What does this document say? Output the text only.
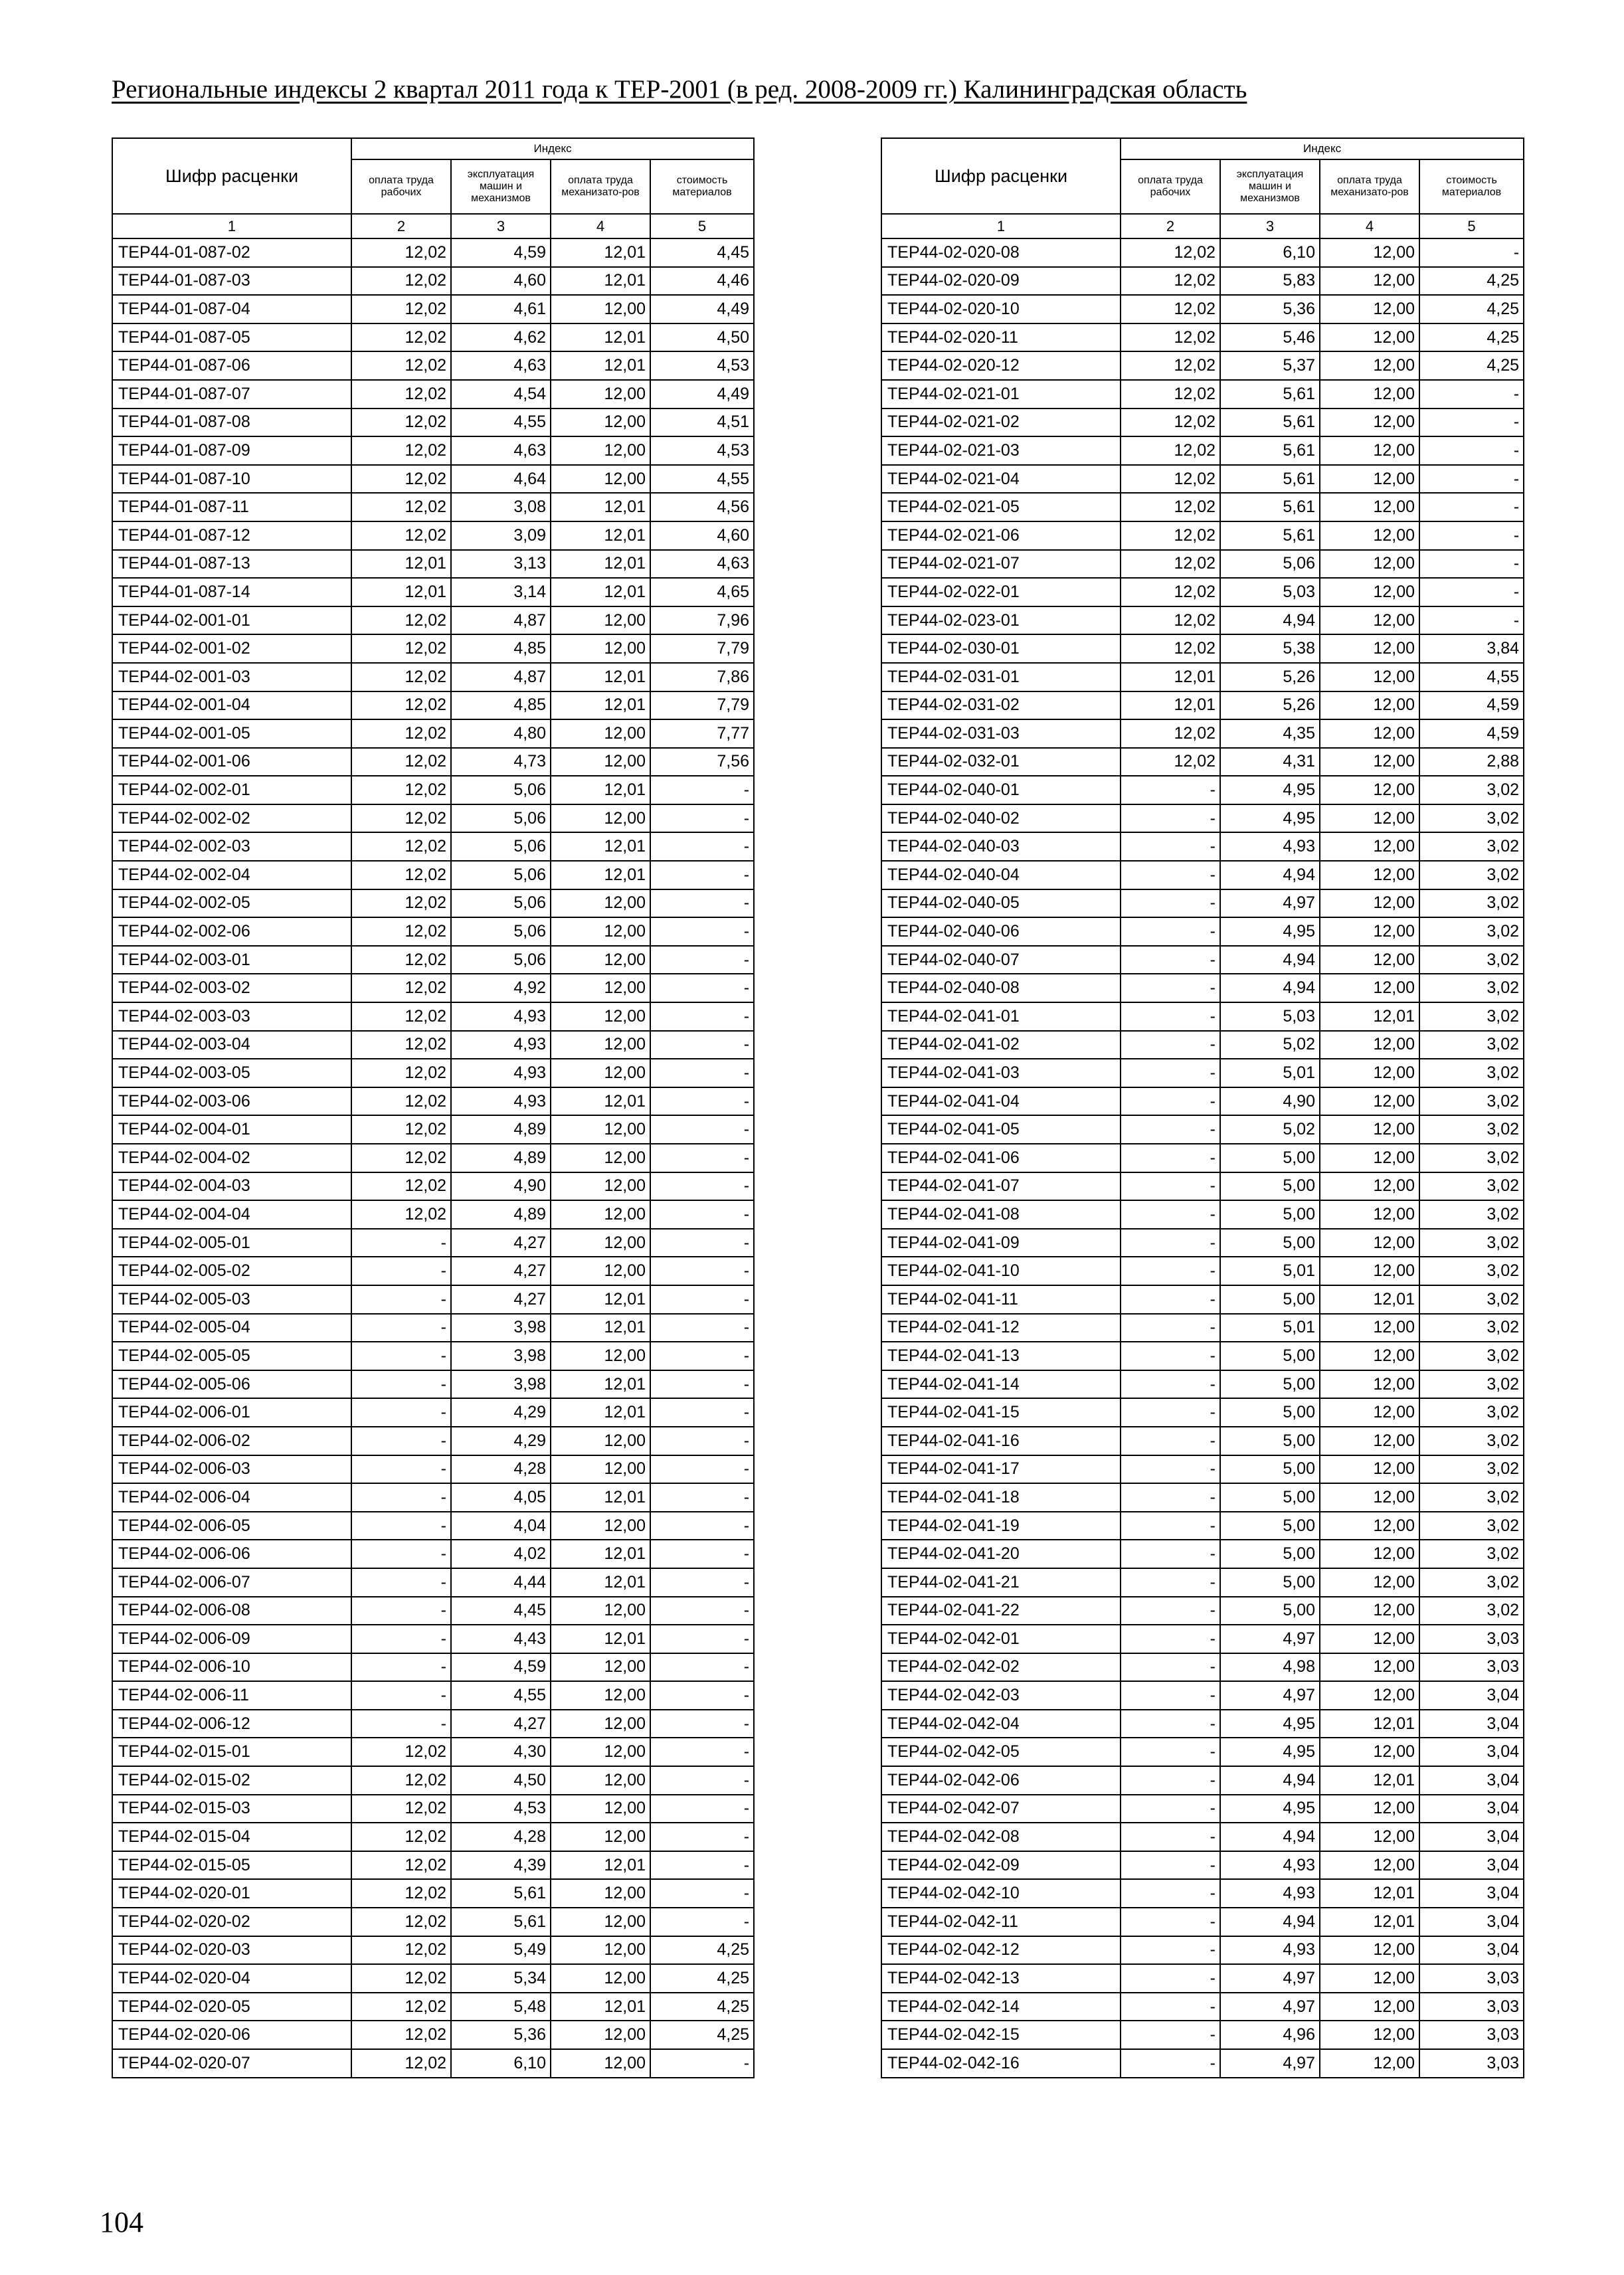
Региональные индексы 2 квартал 2011 года к ТЕР-2001 (в ред. 2008-2009 гг.) Калининградская область
Шифр расценки	Индекс			
	оплата труда рабочих	эксплуатация машин и механизмов	оплата труда механизато-ров	стоимость материалов
1	2	3	4	5
ТЕР44-01-087-02	12,02	4,59	12,01	4,45
ТЕР44-01-087-03	12,02	4,60	12,01	4,46
ТЕР44-01-087-04	12,02	4,61	12,00	4,49
ТЕР44-01-087-05	12,02	4,62	12,01	4,50
ТЕР44-01-087-06	12,02	4,63	12,01	4,53
ТЕР44-01-087-07	12,02	4,54	12,00	4,49
ТЕР44-01-087-08	12,02	4,55	12,00	4,51
ТЕР44-01-087-09	12,02	4,63	12,00	4,53
ТЕР44-01-087-10	12,02	4,64	12,00	4,55
ТЕР44-01-087-11	12,02	3,08	12,01	4,56
ТЕР44-01-087-12	12,02	3,09	12,01	4,60
ТЕР44-01-087-13	12,01	3,13	12,01	4,63
ТЕР44-01-087-14	12,01	3,14	12,01	4,65
ТЕР44-02-001-01	12,02	4,87	12,00	7,96
ТЕР44-02-001-02	12,02	4,85	12,00	7,79
ТЕР44-02-001-03	12,02	4,87	12,01	7,86
ТЕР44-02-001-04	12,02	4,85	12,01	7,79
ТЕР44-02-001-05	12,02	4,80	12,00	7,77
ТЕР44-02-001-06	12,02	4,73	12,00	7,56
ТЕР44-02-002-01	12,02	5,06	12,01	-
ТЕР44-02-002-02	12,02	5,06	12,00	-
ТЕР44-02-002-03	12,02	5,06	12,01	-
ТЕР44-02-002-04	12,02	5,06	12,01	-
ТЕР44-02-002-05	12,02	5,06	12,00	-
ТЕР44-02-002-06	12,02	5,06	12,00	-
ТЕР44-02-003-01	12,02	5,06	12,00	-
ТЕР44-02-003-02	12,02	4,92	12,00	-
ТЕР44-02-003-03	12,02	4,93	12,00	-
ТЕР44-02-003-04	12,02	4,93	12,00	-
ТЕР44-02-003-05	12,02	4,93	12,00	-
ТЕР44-02-003-06	12,02	4,93	12,01	-
ТЕР44-02-004-01	12,02	4,89	12,00	-
ТЕР44-02-004-02	12,02	4,89	12,00	-
ТЕР44-02-004-03	12,02	4,90	12,00	-
ТЕР44-02-004-04	12,02	4,89	12,00	-
ТЕР44-02-005-01	-	4,27	12,00	-
ТЕР44-02-005-02	-	4,27	12,00	-
ТЕР44-02-005-03	-	4,27	12,01	-
ТЕР44-02-005-04	-	3,98	12,01	-
ТЕР44-02-005-05	-	3,98	12,00	-
ТЕР44-02-005-06	-	3,98	12,01	-
ТЕР44-02-006-01	-	4,29	12,01	-
ТЕР44-02-006-02	-	4,29	12,00	-
ТЕР44-02-006-03	-	4,28	12,00	-
ТЕР44-02-006-04	-	4,05	12,01	-
ТЕР44-02-006-05	-	4,04	12,00	-
ТЕР44-02-006-06	-	4,02	12,01	-
ТЕР44-02-006-07	-	4,44	12,01	-
ТЕР44-02-006-08	-	4,45	12,00	-
ТЕР44-02-006-09	-	4,43	12,01	-
ТЕР44-02-006-10	-	4,59	12,00	-
ТЕР44-02-006-11	-	4,55	12,00	-
ТЕР44-02-006-12	-	4,27	12,00	-
ТЕР44-02-015-01	12,02	4,30	12,00	-
ТЕР44-02-015-02	12,02	4,50	12,00	-
ТЕР44-02-015-03	12,02	4,53	12,00	-
ТЕР44-02-015-04	12,02	4,28	12,00	-
ТЕР44-02-015-05	12,02	4,39	12,01	-
ТЕР44-02-020-01	12,02	5,61	12,00	-
ТЕР44-02-020-02	12,02	5,61	12,00	-
ТЕР44-02-020-03	12,02	5,49	12,00	4,25
ТЕР44-02-020-04	12,02	5,34	12,00	4,25
ТЕР44-02-020-05	12,02	5,48	12,01	4,25
ТЕР44-02-020-06	12,02	5,36	12,00	4,25
ТЕР44-02-020-07	12,02	6,10	12,00	-
Шифр расценки	Индекс			
	оплата труда рабочих	эксплуатация машин и механизмов	оплата труда механизато-ров	стоимость материалов
1	2	3	4	5
ТЕР44-02-020-08	12,02	6,10	12,00	-
ТЕР44-02-020-09	12,02	5,83	12,00	4,25
ТЕР44-02-020-10	12,02	5,36	12,00	4,25
ТЕР44-02-020-11	12,02	5,46	12,00	4,25
ТЕР44-02-020-12	12,02	5,37	12,00	4,25
ТЕР44-02-021-01	12,02	5,61	12,00	-
ТЕР44-02-021-02	12,02	5,61	12,00	-
ТЕР44-02-021-03	12,02	5,61	12,00	-
ТЕР44-02-021-04	12,02	5,61	12,00	-
ТЕР44-02-021-05	12,02	5,61	12,00	-
ТЕР44-02-021-06	12,02	5,61	12,00	-
ТЕР44-02-021-07	12,02	5,06	12,00	-
ТЕР44-02-022-01	12,02	5,03	12,00	-
ТЕР44-02-023-01	12,02	4,94	12,00	-
ТЕР44-02-030-01	12,02	5,38	12,00	3,84
ТЕР44-02-031-01	12,01	5,26	12,00	4,55
ТЕР44-02-031-02	12,01	5,26	12,00	4,59
ТЕР44-02-031-03	12,02	4,35	12,00	4,59
ТЕР44-02-032-01	12,02	4,31	12,00	2,88
ТЕР44-02-040-01	-	4,95	12,00	3,02
ТЕР44-02-040-02	-	4,95	12,00	3,02
ТЕР44-02-040-03	-	4,93	12,00	3,02
ТЕР44-02-040-04	-	4,94	12,00	3,02
ТЕР44-02-040-05	-	4,97	12,00	3,02
ТЕР44-02-040-06	-	4,95	12,00	3,02
ТЕР44-02-040-07	-	4,94	12,00	3,02
ТЕР44-02-040-08	-	4,94	12,00	3,02
ТЕР44-02-041-01	-	5,03	12,01	3,02
ТЕР44-02-041-02	-	5,02	12,00	3,02
ТЕР44-02-041-03	-	5,01	12,00	3,02
ТЕР44-02-041-04	-	4,90	12,00	3,02
ТЕР44-02-041-05	-	5,02	12,00	3,02
ТЕР44-02-041-06	-	5,00	12,00	3,02
ТЕР44-02-041-07	-	5,00	12,00	3,02
ТЕР44-02-041-08	-	5,00	12,00	3,02
ТЕР44-02-041-09	-	5,00	12,00	3,02
ТЕР44-02-041-10	-	5,01	12,00	3,02
ТЕР44-02-041-11	-	5,00	12,01	3,02
ТЕР44-02-041-12	-	5,01	12,00	3,02
ТЕР44-02-041-13	-	5,00	12,00	3,02
ТЕР44-02-041-14	-	5,00	12,00	3,02
ТЕР44-02-041-15	-	5,00	12,00	3,02
ТЕР44-02-041-16	-	5,00	12,00	3,02
ТЕР44-02-041-17	-	5,00	12,00	3,02
ТЕР44-02-041-18	-	5,00	12,00	3,02
ТЕР44-02-041-19	-	5,00	12,00	3,02
ТЕР44-02-041-20	-	5,00	12,00	3,02
ТЕР44-02-041-21	-	5,00	12,00	3,02
ТЕР44-02-041-22	-	5,00	12,00	3,02
ТЕР44-02-042-01	-	4,97	12,00	3,03
ТЕР44-02-042-02	-	4,98	12,00	3,03
ТЕР44-02-042-03	-	4,97	12,00	3,04
ТЕР44-02-042-04	-	4,95	12,01	3,04
ТЕР44-02-042-05	-	4,95	12,00	3,04
ТЕР44-02-042-06	-	4,94	12,01	3,04
ТЕР44-02-042-07	-	4,95	12,00	3,04
ТЕР44-02-042-08	-	4,94	12,00	3,04
ТЕР44-02-042-09	-	4,93	12,00	3,04
ТЕР44-02-042-10	-	4,93	12,01	3,04
ТЕР44-02-042-11	-	4,94	12,01	3,04
ТЕР44-02-042-12	-	4,93	12,00	3,04
ТЕР44-02-042-13	-	4,97	12,00	3,03
ТЕР44-02-042-14	-	4,97	12,00	3,03
ТЕР44-02-042-15	-	4,96	12,00	3,03
ТЕР44-02-042-16	-	4,97	12,00	3,03
104
